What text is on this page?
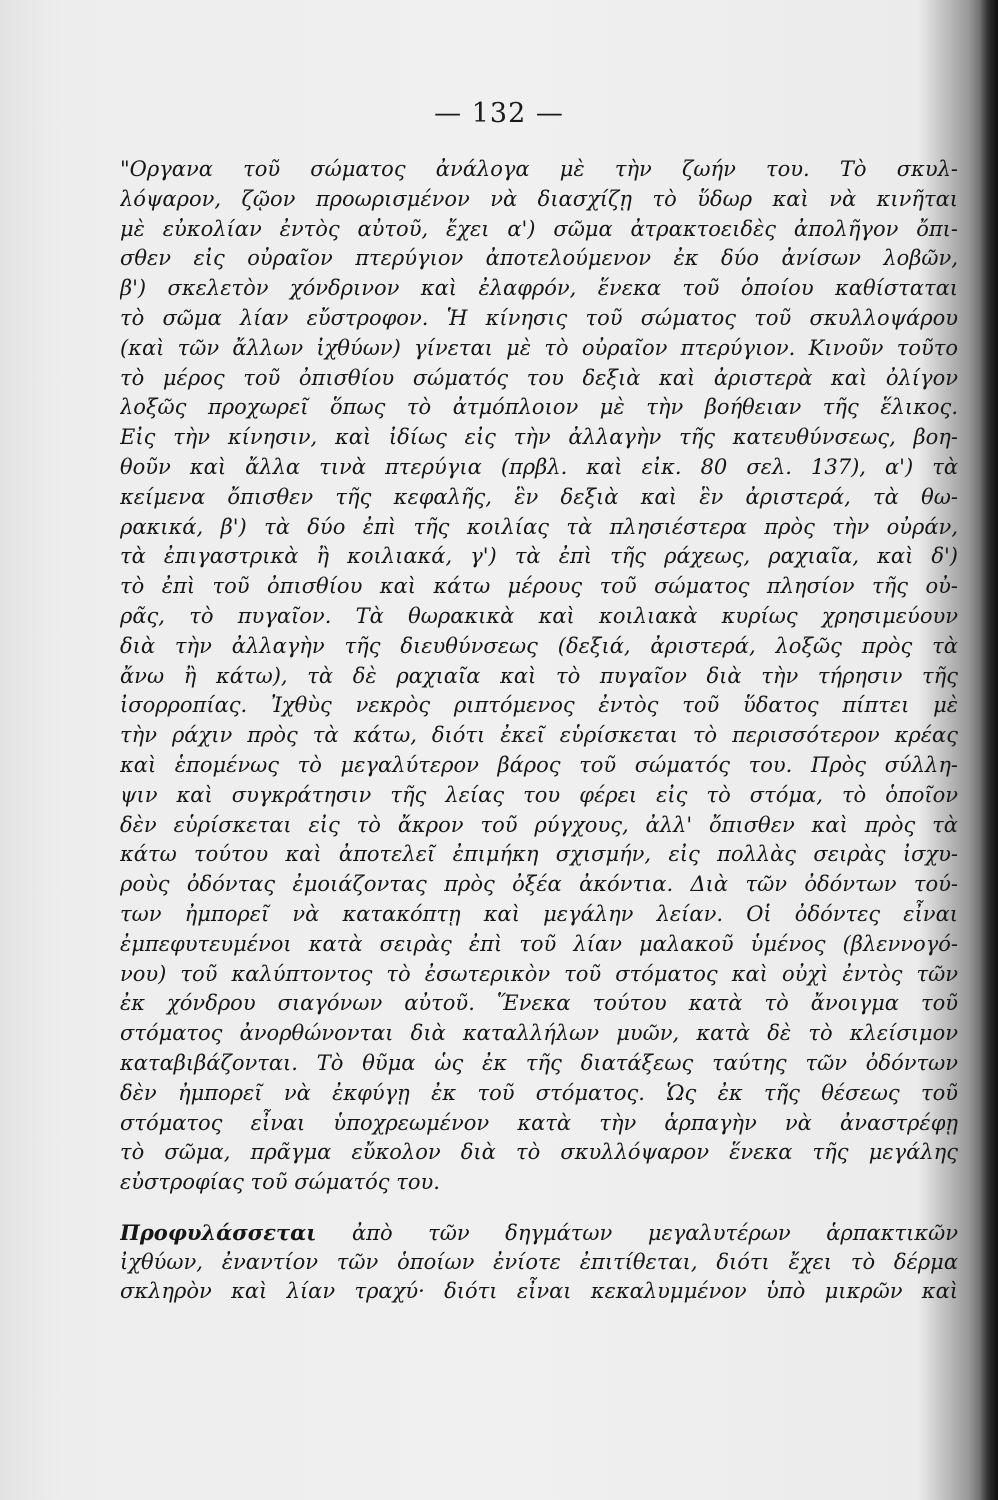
— 132 —
"Οργανα τοῦ σώματος ἀνάλογα μὲ τὴν ζωήν του. Τὸ σκυλ-
λόψαρον, ζῷον προωρισμένον νὰ διασχίζῃ τὸ ὕδωρ καὶ νὰ κινῆται
μὲ εὐκολίαν ἐντὸς αὐτοῦ, ἔχει α') σῶμα ἀτρακτοειδὲς ἀπολῆγον ὄπι-
σθεν εἰς οὐραῖον πτερύγιον ἀποτελούμενον ἐκ δύο ἀνίσων λοβῶν,
β') σκελετὸν χόνδρινον καὶ ἐλαφρόν, ἕνεκα τοῦ ὁποίου καθίσταται
τὸ σῶμα λίαν εὔστροφον. Ἡ κίνησις τοῦ σώματος τοῦ σκυλλοψάρου
(καὶ τῶν ἄλλων ἰχθύων) γίνεται μὲ τὸ οὐραῖον πτερύγιον. Κινοῦν τοῦτο
τὸ μέρος τοῦ ὀπισθίου σώματός του δεξιὰ καὶ ἀριστερὰ καὶ ὀλίγον
λοξῶς προχωρεῖ ὅπως τὸ ἀτμόπλοιον μὲ τὴν βοήθειαν τῆς ἕλικος.
Εἰς τὴν κίνησιν, καὶ ἰδίως εἰς τὴν ἀλλαγὴν τῆς κατευθύνσεως, βοη-
θοῦν καὶ ἄλλα τινὰ πτερύγια (πρβλ. καὶ εἰκ. 80 σελ. 137), α') τὰ
κείμενα ὄπισθεν τῆς κεφαλῆς, ἓν δεξιὰ καὶ ἓν ἀριστερά, τὰ θω-
ρακικά, β') τὰ δύο ἐπὶ τῆς κοιλίας τὰ πλησιέστερα πρὸς τὴν οὐράν,
τὰ ἐπιγαστρικὰ ἢ κοιλιακά, γ') τὰ ἐπὶ τῆς ράχεως, ραχιαῖα, καὶ δ')
τὸ ἐπὶ τοῦ ὀπισθίου καὶ κάτω μέρους τοῦ σώματος πλησίον τῆς οὐ-
ρᾶς, τὸ πυγαῖον. Τὰ θωρακικὰ καὶ κοιλιακὰ κυρίως χρησιμεύουν
διὰ τὴν ἀλλαγὴν τῆς διευθύνσεως (δεξιά, ἀριστερά, λοξῶς πρὸς τὰ
ἄνω ἢ κάτω), τὰ δὲ ραχιαῖα καὶ τὸ πυγαῖον διὰ τὴν τήρησιν τῆς
ἰσορροπίας. Ἰχθὺς νεκρὸς ριπτόμενος ἐντὸς τοῦ ὕδατος πίπτει μὲ
τὴν ράχιν πρὸς τὰ κάτω, διότι ἐκεῖ εὑρίσκεται τὸ περισσότερον κρέας
καὶ ἑπομένως τὸ μεγαλύτερον βάρος τοῦ σώματός του. Πρὸς σύλλη-
ψιν καὶ συγκράτησιν τῆς λείας του φέρει εἰς τὸ στόμα, τὸ ὁποῖον
δὲν εὑρίσκεται εἰς τὸ ἄκρον τοῦ ρύγχους, ἀλλ' ὄπισθεν καὶ πρὸς τὰ
κάτω τούτου καὶ ἀποτελεῖ ἐπιμήκη σχισμήν, εἰς πολλὰς σειρὰς ἰσχυ-
ροὺς ὀδόντας ἐμοιάζοντας πρὸς ὀξέα ἀκόντια. Διὰ τῶν ὀδόντων τού-
των ἠμπορεῖ νὰ κατακόπτῃ καὶ μεγάλην λείαν. Οἱ ὀδόντες εἶναι
ἐμπεφυτευμένοι κατὰ σειρὰς ἐπὶ τοῦ λίαν μαλακοῦ ὑμένος (βλεννογό-
νου) τοῦ καλύπτοντος τὸ ἐσωτερικὸν τοῦ στόματος καὶ οὐχὶ ἐντὸς τῶν
ἐκ χόνδρου σιαγόνων αὐτοῦ. Ἕνεκα τούτου κατὰ τὸ ἄνοιγμα τοῦ
στόματος ἀνορθώνονται διὰ καταλλήλων μυῶν, κατὰ δὲ τὸ κλείσιμον
καταβιβάζονται. Τὸ θῦμα ὡς ἐκ τῆς διατάξεως ταύτης τῶν ὀδόντων
δὲν ἠμπορεῖ νὰ ἐκφύγῃ ἐκ τοῦ στόματος. Ὡς ἐκ τῆς θέσεως τοῦ
στόματος εἶναι ὑποχρεωμένον κατὰ τὴν ἁρπαγὴν νὰ ἀναστρέφῃ
τὸ σῶμα, πρᾶγμα εὔκολον διὰ τὸ σκυλλόψαρον ἕνεκα τῆς μεγάλης
εὐστροφίας τοῦ σώματός του.
Προφυλάσσεται ἀπὸ τῶν δηγμάτων μεγαλυτέρων ἁρπακτικῶν
ἰχθύων, ἐναντίον τῶν ὁποίων ἐνίοτε ἐπιτίθεται, διότι ἔχει τὸ δέρμα
σκληρὸν καὶ λίαν τραχύ· διότι εἶναι κεκαλυμμένον ὑπὸ μικρῶν καὶ
